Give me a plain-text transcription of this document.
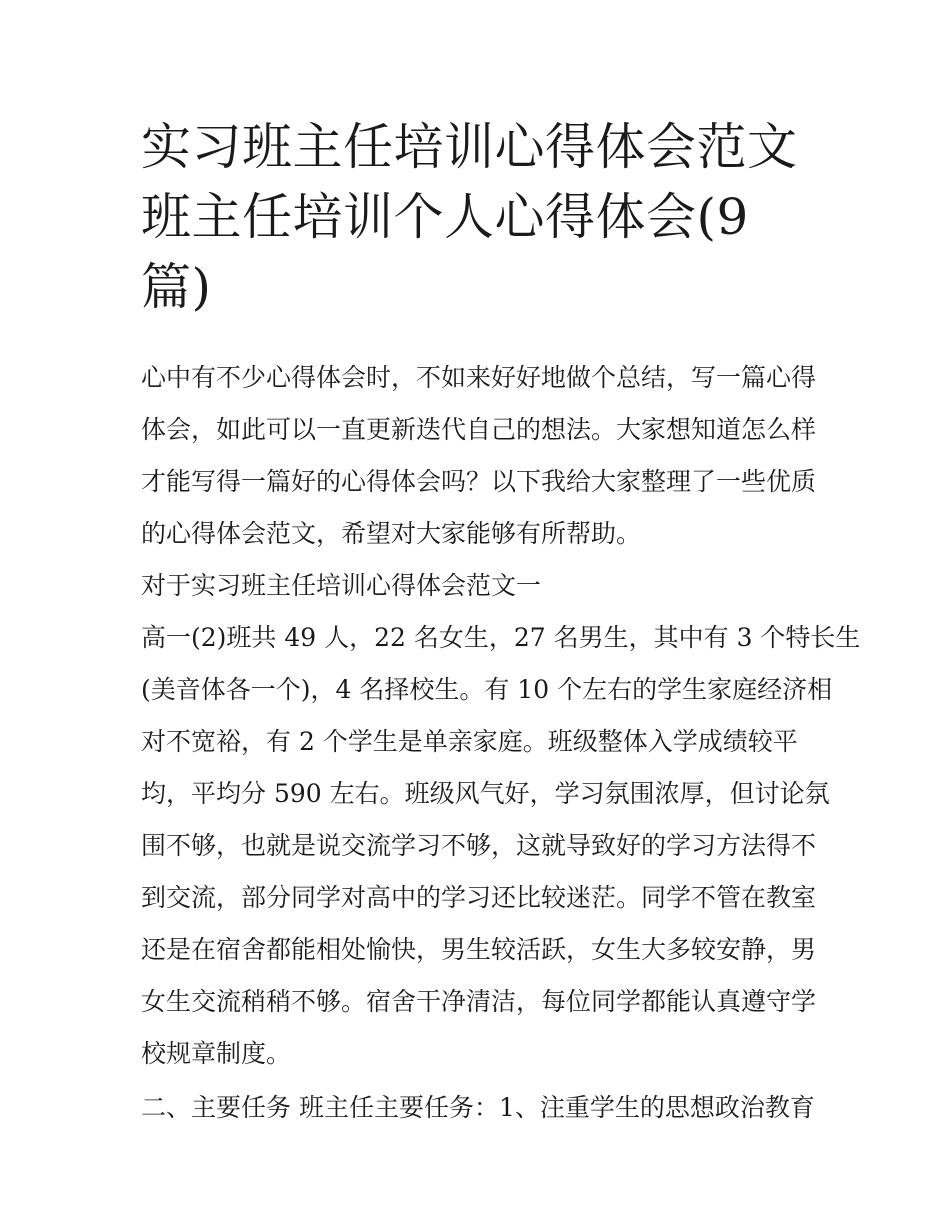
实习班主任培训心得体会范文
班主任培训个人心得体会(9
篇)

心中有不少心得体会时，不如来好好地做个总结，写一篇心得
体会，如此可以一直更新迭代自己的想法。大家想知道怎么样
才能写得一篇好的心得体会吗？以下我给大家整理了一些优质
的心得体会范文，希望对大家能够有所帮助。

对于实习班主任培训心得体会范文一

高一(2)班共 49 人，22 名女生，27 名男生，其中有 3 个特长生
(美音体各一个)，4 名择校生。有 10 个左右的学生家庭经济相
对不宽裕，有 2 个学生是单亲家庭。班级整体入学成绩较平
均，平均分 590 左右。班级风气好，学习氛围浓厚，但讨论氛
围不够，也就是说交流学习不够，这就导致好的学习方法得不
到交流，部分同学对高中的学习还比较迷茫。同学不管在教室
还是在宿舍都能相处愉快，男生较活跃，女生大多较安静，男
女生交流稍稍不够。宿舍干净清洁，每位同学都能认真遵守学
校规章制度。

二、主要任务 班主任主要任务：1、注重学生的思想政治教育
